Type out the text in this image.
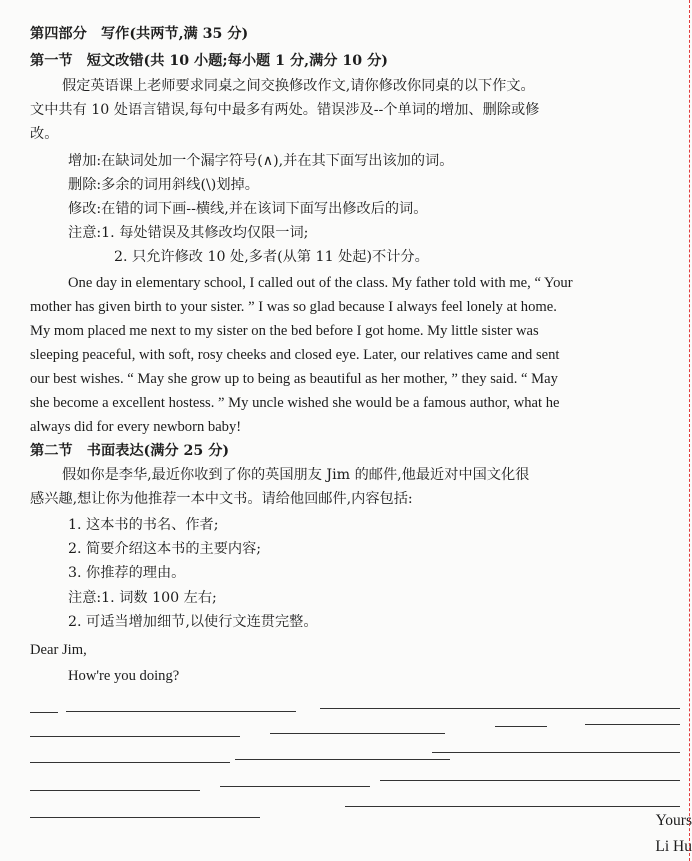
第四部分　写作(共两节,满 35 分)
第一节　短文改错(共 10 小题;每小题 1 分,满分 10 分)
假定英语课上老师要求同桌之间交换修改作文,请你修改你同桌的以下作文。
文中共有 10 处语言错误,每句中最多有两处。错误涉及--个单词的增加、删除或修
改。
增加:在缺词处加一个漏字符号(∧),并在其下面写出该加的词。
删除:多余的词用斜线(\)划掉。
修改:在错的词下画--横线,并在该词下面写出修改后的词。
注意:1. 每处错误及其修改均仅限一词;
2. 只允许修改 10 处,多者(从第 11 处起)不计分。
One day in elementary school, I called out of the class. My father told with me, “ Your
mother has given birth to your sister. ” I was so glad because I always feel lonely at home.
My mom placed me next to my sister on the bed before I got home. My little sister was
sleeping peaceful, with soft, rosy cheeks and closed eye. Later, our relatives came and sent
our best wishes. “ May she grow up to being as beautiful as her mother, ” they said. “ May
she become a excellent hostess. ” My uncle wished she would be a famous author, what he
always did for every newborn baby!
第二节　书面表达(满分 25 分)
假如你是李华,最近你收到了你的英国朋友 Jim 的邮件,他最近对中国文化很
感兴趣,想让你为他推荐一本中文书。请给他回邮件,内容包括:
1. 这本书的书名、作者;
2. 简要介绍这本书的主要内容;
3. 你推荐的理由。
注意:1. 词数 100 左右;
2. 可适当增加细节,以使行文连贯完整。
Dear Jim,
How're you doing?
Yours
Li Hu
